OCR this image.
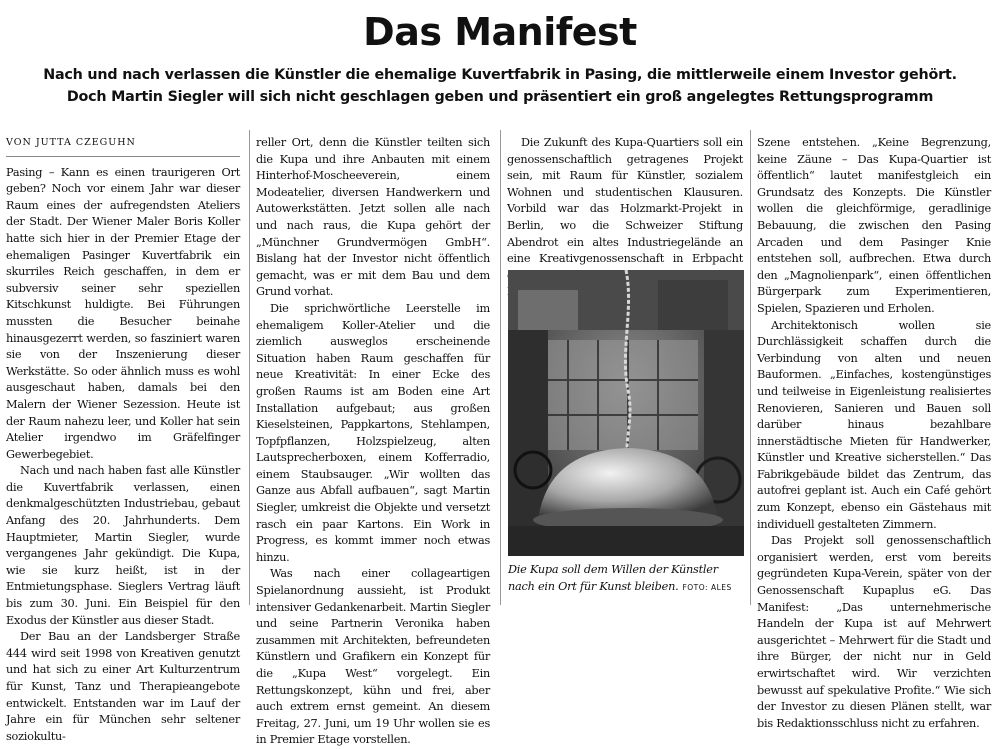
Das Manifest

Nach und nach verlassen die Künstler die ehemalige Kuvertfabrik in Pasing, die mittlerweile einem Investor gehört. Doch Martin Siegler will sich nicht geschlagen geben und präsentiert ein groß angelegtes Rettungsprogramm

VON JUTTA CZEGUHN

Pasing – Kann es einen traurigeren Ort geben? Noch vor einem Jahr war dieser Raum eines der aufregendsten Ateliers der Stadt. Der Wiener Maler Boris Koller hatte sich hier in der Premier Etage der ehemaligen Pasinger Kuvertfabrik ein skurriles Reich geschaffen, in dem er subversiv seiner sehr speziellen Kitschkunst huldigte. Bei Führungen mussten die Besucher beinahe hinausgezerrt werden, so fasziniert waren sie von der Inszenierung dieser Werkstätte. So oder ähnlich muss es wohl ausgeschaut haben, damals bei den Malern der Wiener Sezession. Heute ist der Raum nahezu leer, und Koller hat sein Atelier irgendwo im Gräfelfinger Gewerbegebiet.

Nach und nach haben fast alle Künstler die Kuvertfabrik verlassen, einen denkmalgeschützten Industriebau, gebaut Anfang des 20. Jahrhunderts. Dem Hauptmieter, Martin Siegler, wurde vergangenes Jahr gekündigt. Die Kupa, wie sie kurz heißt, ist in der Entmietungsphase. Sieglers Vertrag läuft bis zum 30. Juni. Ein Beispiel für den Exodus der Künstler aus dieser Stadt.

Der Bau an der Landsberger Straße 444 wird seit 1998 von Kreativen genutzt und hat sich zu einer Art Kulturzentrum für Kunst, Tanz und Therapieangebote entwickelt. Entstanden war im Lauf der Jahre ein für München sehr seltener soziokultu-

reller Ort, denn die Künstler teilten sich die Kupa und ihre Anbauten mit einem Hinterhof-Moscheeverein, einem Modeatelier, diversen Handwerkern und Autowerkstätten. Jetzt sollen alle nach und nach raus, die Kupa gehört der „Münchner Grundvermögen GmbH“. Bislang hat der Investor nicht öffentlich gemacht, was er mit dem Bau und dem Grund vorhat.

Die sprichwörtliche Leerstelle im ehemaligem Koller-Atelier und die ziemlich ausweglos erscheinende Situation haben Raum geschaffen für neue Kreativität: In einer Ecke des großen Raums ist am Boden eine Art Installation aufgebaut; aus großen Kieselsteinen, Pappkartons, Stehlampen, Topfpflanzen, Holzspielzeug, alten Lautsprecherboxen, einem Kofferradio, einem Staubsauger. „Wir wollten das Ganze aus Abfall aufbauen“, sagt Martin Siegler, umkreist die Objekte und versetzt rasch ein paar Kartons. Ein Work in Progress, es kommt immer noch etwas hinzu.

Was nach einer collageartigen Spielanordnung aussieht, ist Produkt intensiver Gedankenarbeit. Martin Siegler und seine Partnerin Veronika haben zusammen mit Architekten, befreundeten Künstlern und Grafikern ein Konzept für die „Kupa West“ vorgelegt. Ein Rettungskonzept, kühn und frei, aber auch extrem ernst gemeint. An diesem Freitag, 27. Juni, um 19 Uhr wollen sie es in Premier Etage vorstellen.

Die Zukunft des Kupa-Quartiers soll ein genossenschaftlich getragenes Projekt sein, mit Raum für Künstler, sozialem Wohnen und studentischen Klausuren. Vorbild war das Holzmarkt-Projekt in Berlin, wo die Schweizer Stiftung Abendrot ein altes Industriegelände an eine Kreativgenossenschaft in Erbpacht

Die Kupa soll dem Willen der Künstler nach ein Ort für Kunst bleiben. FOTO: ALES

Szene entstehen. „Keine Begrenzung, keine Zäune – Das Kupa-Quartier ist öffentlich“ lautet manifestgleich ein Grundsatz des Konzepts. Die Künstler wollen die gleichförmige, geradlinige Bebauung, die zwischen den Pasing Arcaden und dem Pasinger Knie entstehen soll, aufbrechen. Etwa durch den „Magnolienpark“, einen öffentlichen Bürgerpark zum Experimentieren, Spielen, Spazieren und Erholen.

Architektonisch wollen sie Durchlässigkeit schaffen durch die Verbindung von alten und neuen Bauformen. „Einfaches, kostengünstiges und teilweise in Eigenleistung realisiertes Renovieren, Sanieren und Bauen soll darüber hinaus bezahlbare innerstädtische Mieten für Handwerker, Künstler und Kreative sicherstellen.“ Das Fabrikgebäude bildet das Zentrum, das autofrei geplant ist. Auch ein Café gehört zum Konzept, ebenso ein Gästehaus mit individuell gestalteten Zimmern.

Das Projekt soll genossenschaftlich organisiert werden, erst vom bereits gegründeten Kupa-Verein, später von der Genossenschaft Kupaplus eG. Das Manifest: „Das unternehmerische Handeln der Kupa ist auf Mehrwert ausgerichtet – Mehrwert für die Stadt und ihre Bürger, der nicht nur in Geld erwirtschaftet wird. Wir verzichten bewusst auf spekulative Profite.“ Wie sich der Investor zu diesen Plänen stellt, war bis Redaktionsschluss nicht zu erfahren.
